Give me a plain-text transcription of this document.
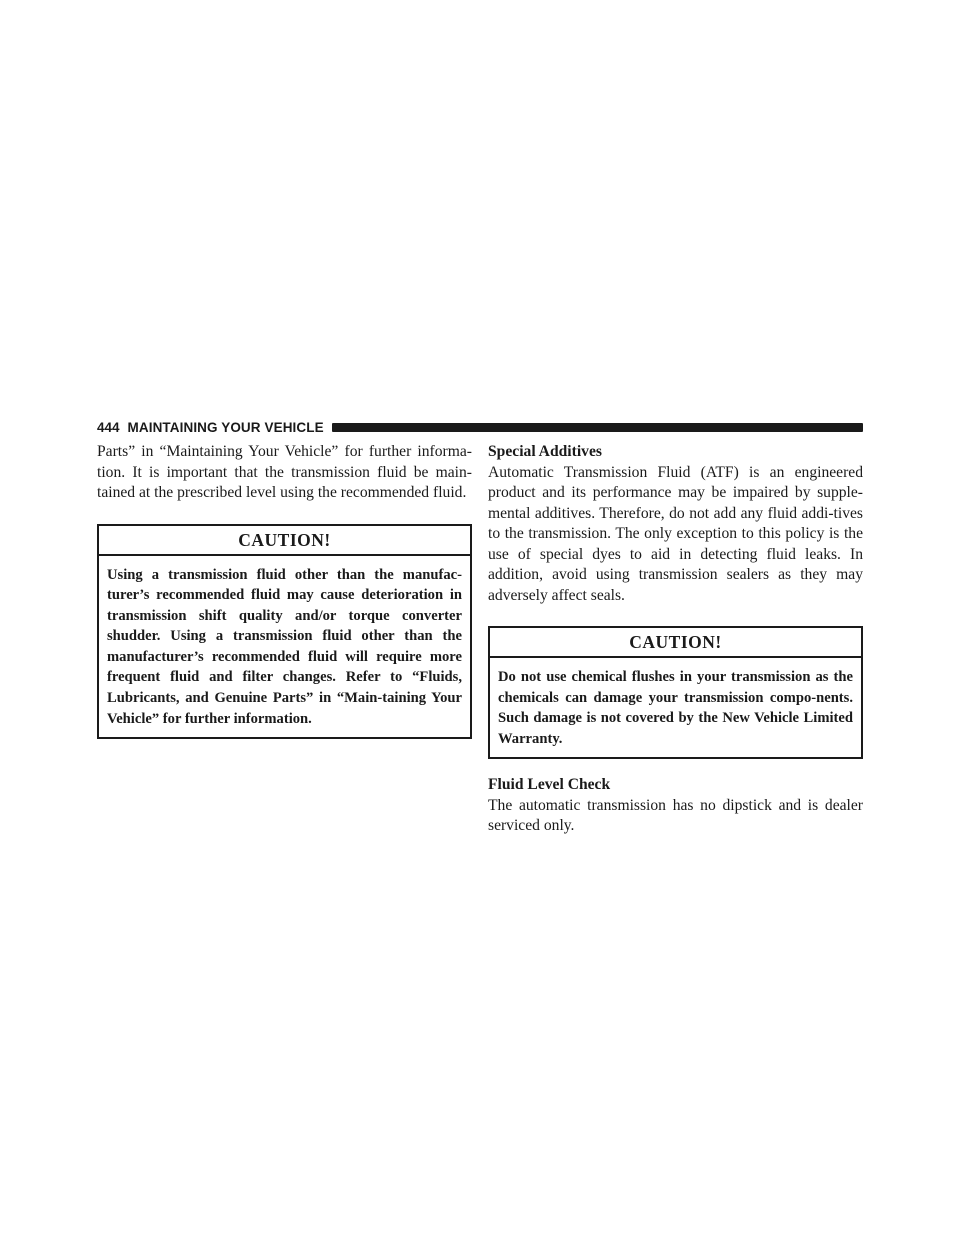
444 MAINTAINING YOUR VEHICLE

Parts” in “Maintaining Your Vehicle” for further informa-tion. It is important that the transmission fluid be main-tained at the prescribed level using the recommended fluid.

CAUTION!
Using a transmission fluid other than the manufac-turer’s recommended fluid may cause deterioration in transmission shift quality and/or torque converter shudder. Using a transmission fluid other than the manufacturer’s recommended fluid will require more frequent fluid and filter changes. Refer to “Fluids, Lubricants, and Genuine Parts” in “Main-taining Your Vehicle” for further information.
Special Additives

Automatic Transmission Fluid (ATF) is an engineered product and its performance may be impaired by supple-mental additives. Therefore, do not add any fluid addi-tives to the transmission. The only exception to this policy is the use of special dyes to aid in detecting fluid leaks. In addition, avoid using transmission sealers as they may adversely affect seals.

CAUTION!
Do not use chemical flushes in your transmission as the chemicals can damage your transmission compo-nents. Such damage is not covered by the New Vehicle Limited Warranty.
Fluid Level Check

The automatic transmission has no dipstick and is dealer serviced only.
